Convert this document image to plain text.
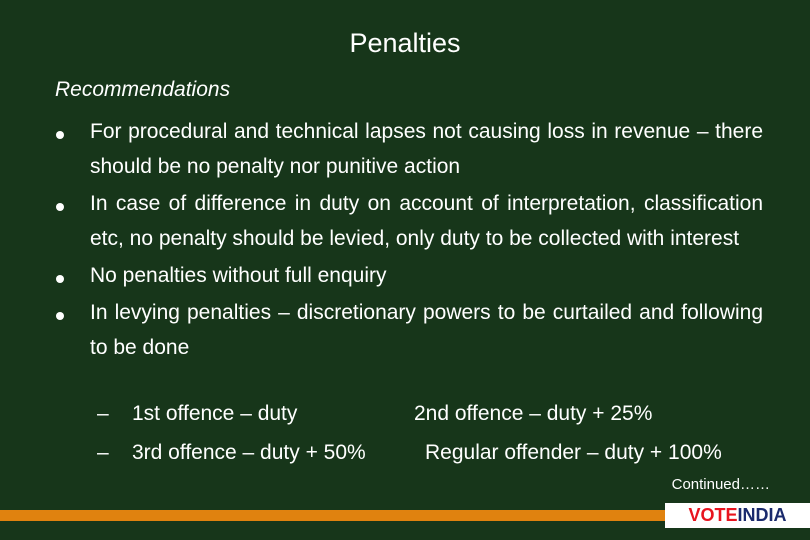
Penalties
Recommendations
For procedural and technical lapses not causing loss in revenue – there should be no penalty nor punitive action
In case of difference in duty on account of interpretation, classification etc, no penalty should be levied, only duty to be collected with interest
No penalties without full enquiry
In levying penalties – discretionary powers to be curtailed and following to be done
– 1st offence – duty	2nd offence – duty + 25%
– 3rd offence – duty + 50%	Regular offender – duty + 100%
Continued……
VOTEINDIA
